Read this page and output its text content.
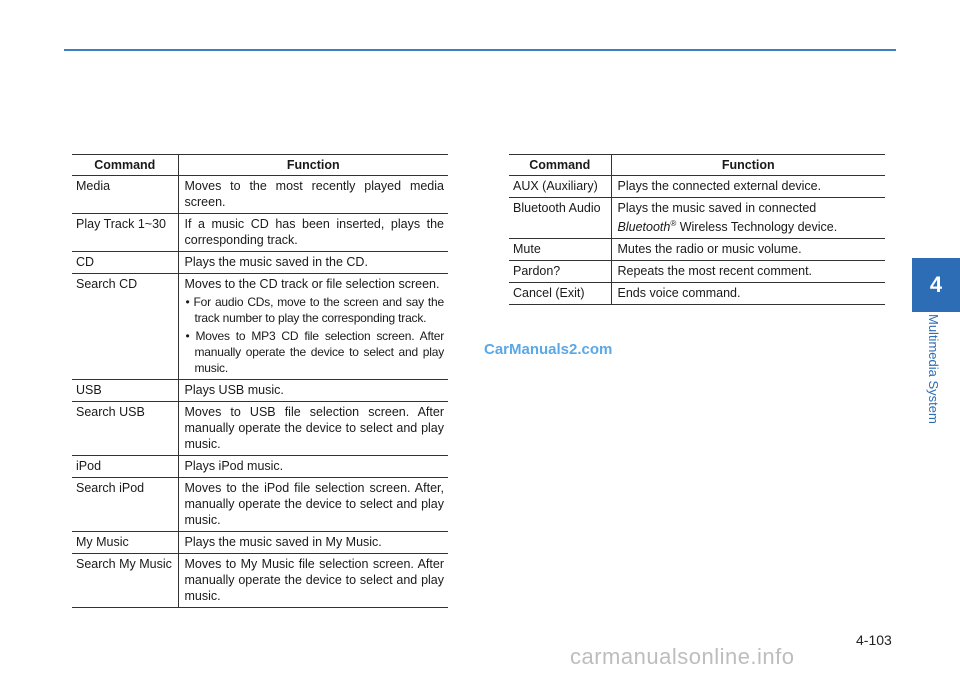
4
Multimedia System
Command	Function
Media	Moves to the most recently played media screen.

Play Track 1~30	If a music CD has been inserted, plays the corresponding track.

CD	Plays the music saved in the CD.

Search CD	Moves to the CD track or file selection screen.
• For audio CDs, move to the screen and say the track number to play the corresponding track.
• Moves to MP3 CD file selection screen. After manually operate the device to select and play music.

USB	Plays USB music.

Search USB	Moves to USB file selection screen. After manually operate the device to select and play music.

iPod	Plays iPod music.

Search iPod	Moves to the iPod file selection screen. After, manually operate the device to select and play music.

My Music	Plays the music saved in My Music.

Search My Music	Moves to My Music file selection screen. After manually operate the device to select and play music.
Command	Function
AUX (Auxiliary)	Plays the connected external device.
Bluetooth Audio	Plays the music saved in connected
Bluetooth® Wireless Technology device.
Mute	Mutes the radio or music volume.
Pardon?	Repeats the most recent comment.
Cancel (Exit)	Ends voice command.
CarManuals2.com
4-103
carmanualsonline.info
